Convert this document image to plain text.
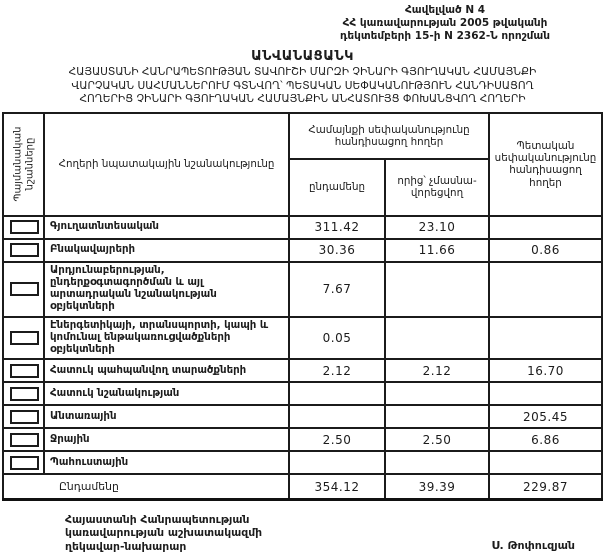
Հավելված N 4
ՀՀ կառավարության 2005 թվականի
դեկտեմբերի 15-ի N 2362-Ն որոշման
ԱՆՎԱՆԱՑԱՆԿ
ՀԱՅԱՍՏԱՆԻ ՀԱՆՐԱՊԵՏՈՒԹՅԱՆ ՏԱՎՈՒՇԻ ՄԱՐԶԻ ՉԻՆԱՐԻ ԳՅՈՒՂԱԿԱՆ ՀԱՄԱՅՆՔԻ
ՎԱՐՉԱԿԱՆ ՍԱՀՄԱՆՆԵՐՈՒՄ ԳՏՆՎՈՂ՝ ՊԵՏԱԿԱՆ ՍԵՓԱԿԱՆՈՒԹՅՈՒՆ ՀԱՆԴԻՍԱՑՈՂ
ՀՈՂԵՐԻՑ ՉԻՆԱՐԻ ԳՅՈՒՂԱԿԱՆ ՀԱՄԱՅՆՔԻՆ ԱՆՀԱՏՈՒՅՑ ՓՈԽԱՆՑՎՈՂ ՀՈՂԵՐԻ
Պայմանական նշանները	Հողերի նպատակային նշանակությունը	Համայնքի սեփականությունը հանդիսացող հողեր		Պետական սեփականությունը հանդիսացող հողեր
		ընդամենը	որից՝ չմասնավորեցվող	

	Գյուղատնտեսական	311.42	23.10	

	Բնակավայրերի	30.36	11.66	0.86

	Արդյունաբերության, ընդերքօգտագործման և այլ արտադրական նշանակության օբյեկտների	7.67		

	Էներգետիկայի, տրանսպորտի, կապի և կոմունալ ենթակառուցվածքների օբյեկտների	0.05		

	Հատուկ պահպանվող տարածքների	2.12	2.12	16.70

	Հատուկ նշանակության			

	Անտառային			205.45

	Ջրային	2.50	2.50	6.86

	Պահուստային			
Ընդամենը		354.12	39.39	229.87
Հայաստանի Հանրապետության
կառավարության աշխատակազմի
ղեկավար-նախարար	Ս. Թոփուզյան
